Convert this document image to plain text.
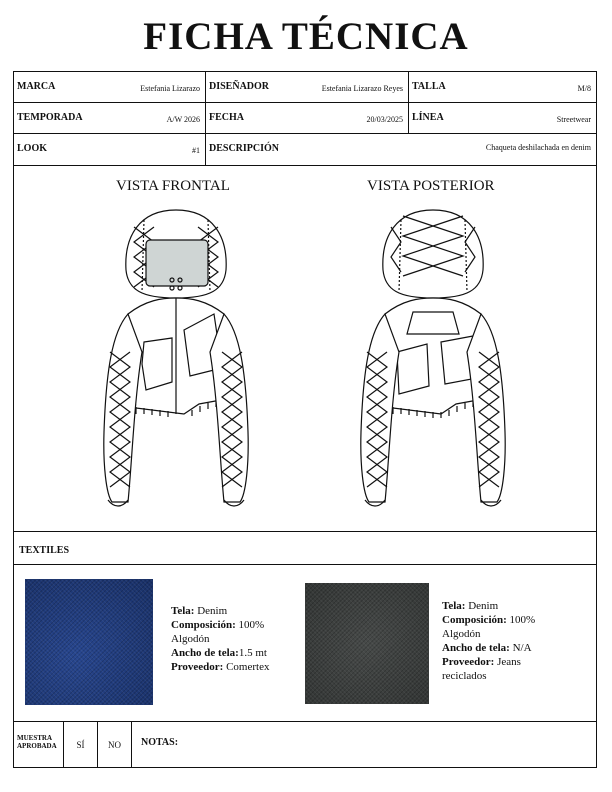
FICHA TÉCNICA
MARCA	Estefania Lizarazo DISEÑADOR	Estefania Lizarazo Reyes TALLA	M/8
TEMPORADA	A/W 2026 FECHA	20/03/2025 LÍNEA	Streetwear
LOOK	#1 DESCRIPCIÓN	Chaqueta deshilachada en denim
VISTA FRONTAL	VISTA POSTERIOR
TEXTILES
Tela: Denim
Composición: 100%
Algodón
Ancho de tela:1.5 mt
Proveedor: Comertex
Tela: Denim
Composición: 100%
Algodón
Ancho de tela: N/A
Proveedor: Jeans
reciclados
MUESTRA
APROBADA	SÍ	NO	NOTAS:
